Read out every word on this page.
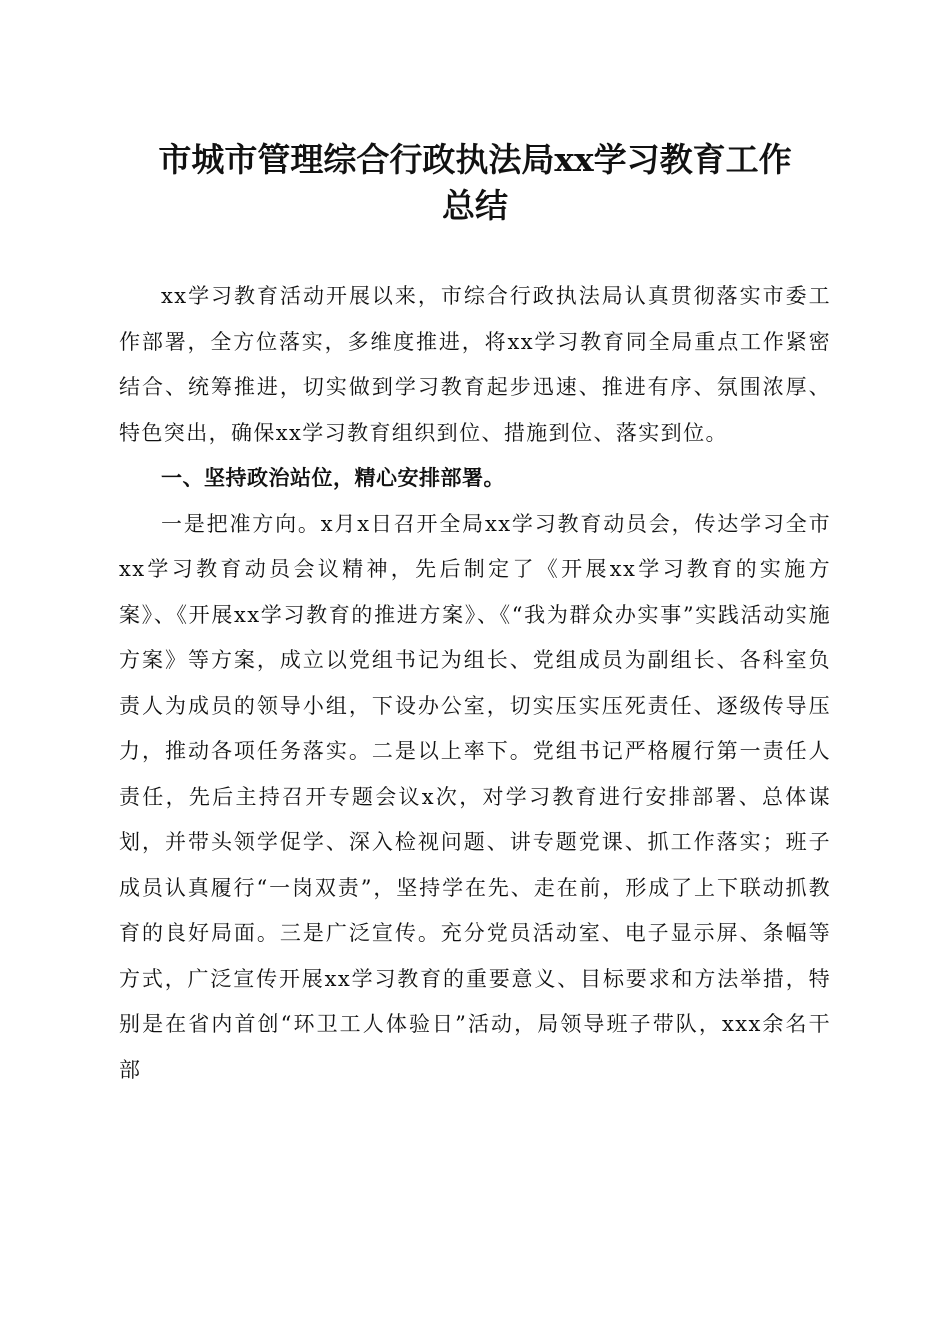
市城市管理综合行政执法局xx学习教育工作
总结

xx学习教育活动开展以来，市综合行政执法局认真贯彻落实市委工作部署，全方位落实，多维度推进，将xx学习教育同全局重点工作紧密结合、统筹推进，切实做到学习教育起步迅速、推进有序、氛围浓厚、特色突出，确保xx学习教育组织到位、措施到位、落实到位。

一、坚持政治站位，精心安排部署。

一是把准方向。x月x日召开全局xx学习教育动员会，传达学习全市xx学习教育动员会议精神，先后制定了《开展xx学习教育的实施方案》、《开展xx学习教育的推进方案》、《“我为群众办实事”实践活动实施方案》等方案，成立以党组书记为组长、党组成员为副组长、各科室负责人为成员的领导小组，下设办公室，切实压实压死责任、逐级传导压力，推动各项任务落实。二是以上率下。党组书记严格履行第一责任人责任，先后主持召开专题会议x次，对学习教育进行安排部署、总体谋划，并带头领学促学、深入检视问题、讲专题党课、抓工作落实；班子成员认真履行“一岗双责”，坚持学在先、走在前，形成了上下联动抓教育的良好局面。三是广泛宣传。充分党员活动室、电子显示屏、条幅等方式，广泛宣传开展xx学习教育的重要意义、目标要求和方法举措，特别是在省内首创“环卫工人体验日”活动，局领导班子带队，xxx余名干部
